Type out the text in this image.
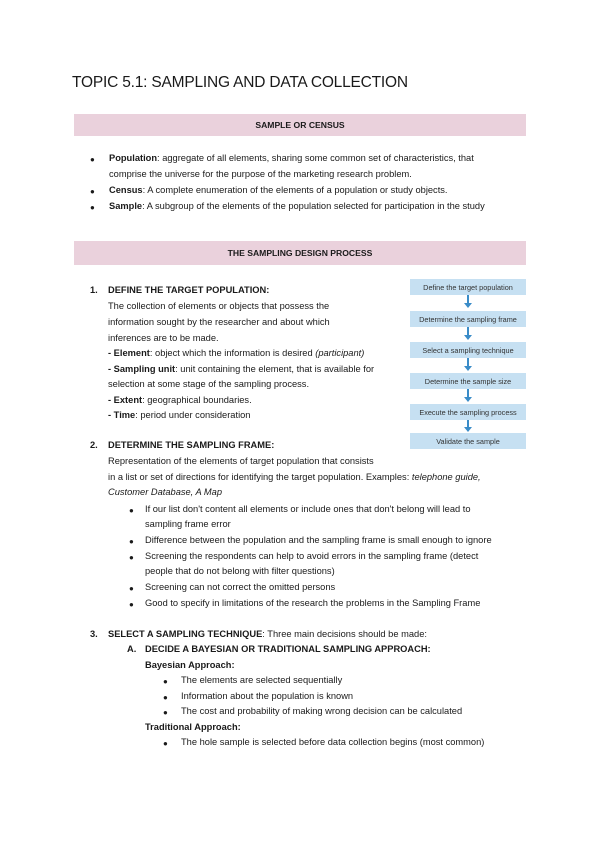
TOPIC 5.1: SAMPLING AND DATA COLLECTION
SAMPLE OR CENSUS
● Population: aggregate of all elements, sharing some common set of characteristics, that
comprise the universe for the purpose of the marketing research problem.
● Census: A complete enumeration of the elements of a population or study objects.
● Sample: A subgroup of the elements of the population selected for participation in the study
THE SAMPLING DESIGN PROCESS
Define the target population
Determine the sampling frame
Select a sampling technique
Determine the sample size
Execute the sampling process
Validate the sample
1. DEFINE THE TARGET POPULATION:
The collection of elements or objects that possess the
information sought by the researcher and about which
inferences are to be made.
- Element: object which the information is desired (participant)
- Sampling unit: unit containing the element, that is available for
selection at some stage of the sampling process.
- Extent: geographical boundaries.
- Time: period under consideration
2. DETERMINE THE SAMPLING FRAME:
Representation of the elements of target population that consists
in a list or set of directions for identifying the target population. Examples: telephone guide,
Customer Database, A Map
● If our list don't content all elements or include ones that don't belong will lead to
sampling frame error
● Difference between the population and the sampling frame is small enough to ignore
● Screening the respondents can help to avoid errors in the sampling frame (detect
people that do not belong with filter questions)
● Screening can not correct the omitted persons
● Good to specify in limitations of the research the problems in the Sampling Frame
3. SELECT A SAMPLING TECHNIQUE: Three main decisions should be made:
A. DECIDE A BAYESIAN OR TRADITIONAL SAMPLING APPROACH:
Bayesian Approach:
● The elements are selected sequentially
● Information about the population is known
● The cost and probability of making wrong decision can be calculated
Traditional Approach:
● The hole sample is selected before data collection begins (most common)
